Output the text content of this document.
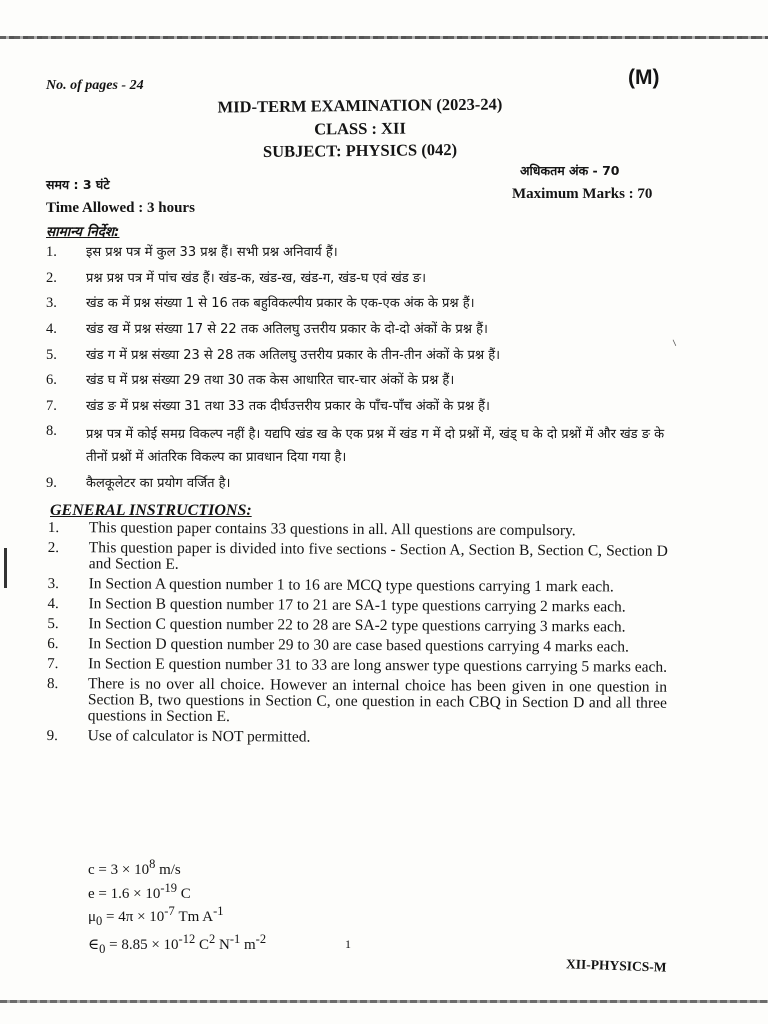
No. of pages - 24	(M)
MID-TERM EXAMINATION (2023-24)
CLASS : XII
SUBJECT: PHYSICS (042)
समय : 3 घंटे
Time Allowed : 3 hours
अधिकतम अंक - 70
Maximum Marks : 70
सामान्य निर्देश:
1.	इस प्रश्न पत्र में कुल 33 प्रश्न हैं। सभी प्रश्न अनिवार्य हैं।
2.	प्रश्न प्रश्न पत्र में पांच खंड हैं। खंड-क, खंड-ख, खंड-ग, खंड-घ एवं खंड ङ।
3.	खंड क में प्रश्न संख्या 1 से 16 तक बहुविकल्पीय प्रकार के एक-एक अंक के प्रश्न हैं।
4.	खंड ख में प्रश्न संख्या 17 से 22 तक अतिलघु उत्तरीय प्रकार के दो-दो अंकों के प्रश्न हैं।
5.	खंड ग में प्रश्न संख्या 23 से 28 तक अतिलघु उत्तरीय प्रकार के तीन-तीन अंकों के प्रश्न हैं।
6.	खंड घ में प्रश्न संख्या 29 तथा 30 तक केस आधारित चार-चार अंकों के प्रश्न हैं।
7.	खंड ङ में प्रश्न संख्या 31 तथा 33 तक दीर्घउत्तरीय प्रकार के पाँच-पाँच अंकों के प्रश्न हैं।
8.	प्रश्न पत्र में कोई समग्र विकल्प नहीं है। यद्यपि खंड ख के एक प्रश्न में खंड ग में दो प्रश्नों में, खंड् घ के दो प्रश्नों में और खंड ङ के तीनों प्रश्नों में आंतरिक विकल्प का प्रावधान दिया गया है।
9.	कैलकूलेटर का प्रयोग वर्जित है।
GENERAL INSTRUCTIONS:
1.	This question paper contains 33 questions in all. All questions are compulsory.
2.	This question paper is divided into five sections - Section A, Section B, Section C, Section D and Section E.
3.	In Section A question number 1 to 16 are MCQ type questions carrying 1 mark each.
4.	In Section B question number 17 to 21 are SA-1 type questions carrying 2 marks each.
5.	In Section C question number 22 to 28 are SA-2 type questions carrying 3 marks each.
6.	In Section D question number 29 to 30 are case based questions carrying 4 marks each.
7.	In Section E question number 31 to 33 are long answer type questions carrying 5 marks each.
8.	There is no over all choice. However an internal choice has been given in one question in Section B, two questions in Section C, one question in each CBQ in Section D and all three questions in Section E.
9.	Use of calculator is NOT permitted.
$c = 3 \times 10^8$ m/s
$e = 1.6 \times 10^{-19}$ C
$\mu_0 = 4\pi \times 10^{-7}$ Tm $A^{-1}$
$\in_0 = 8.85 \times 10^{-12}$ $C^2$ $N^{-1}$ $m^{-2}$	1
XII-PHYSICS-M
⸌
